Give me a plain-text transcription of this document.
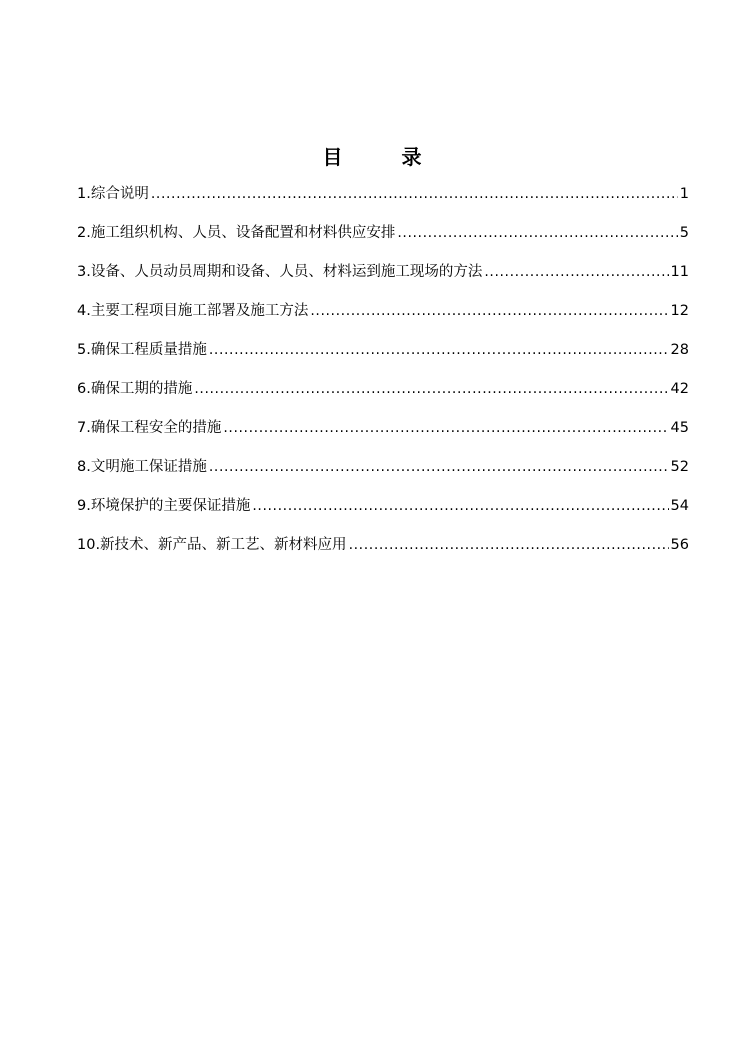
目 录
1.综合说明 .....	1
2.施工组织机构、人员、设备配置和材料供应安排 .....	5
3.设备、人员动员周期和设备、人员、材料运到施工现场的方法 .....	11
4.主要工程项目施工部署及施工方法 .....	12
5.确保工程质量措施 .....	28
6.确保工期的措施 .....	42
7.确保工程安全的措施 .....	45
8.文明施工保证措施 .....	52
9.环境保护的主要保证措施 .....	54
10.新技术、新产品、新工艺、新材料应用 .....	56
